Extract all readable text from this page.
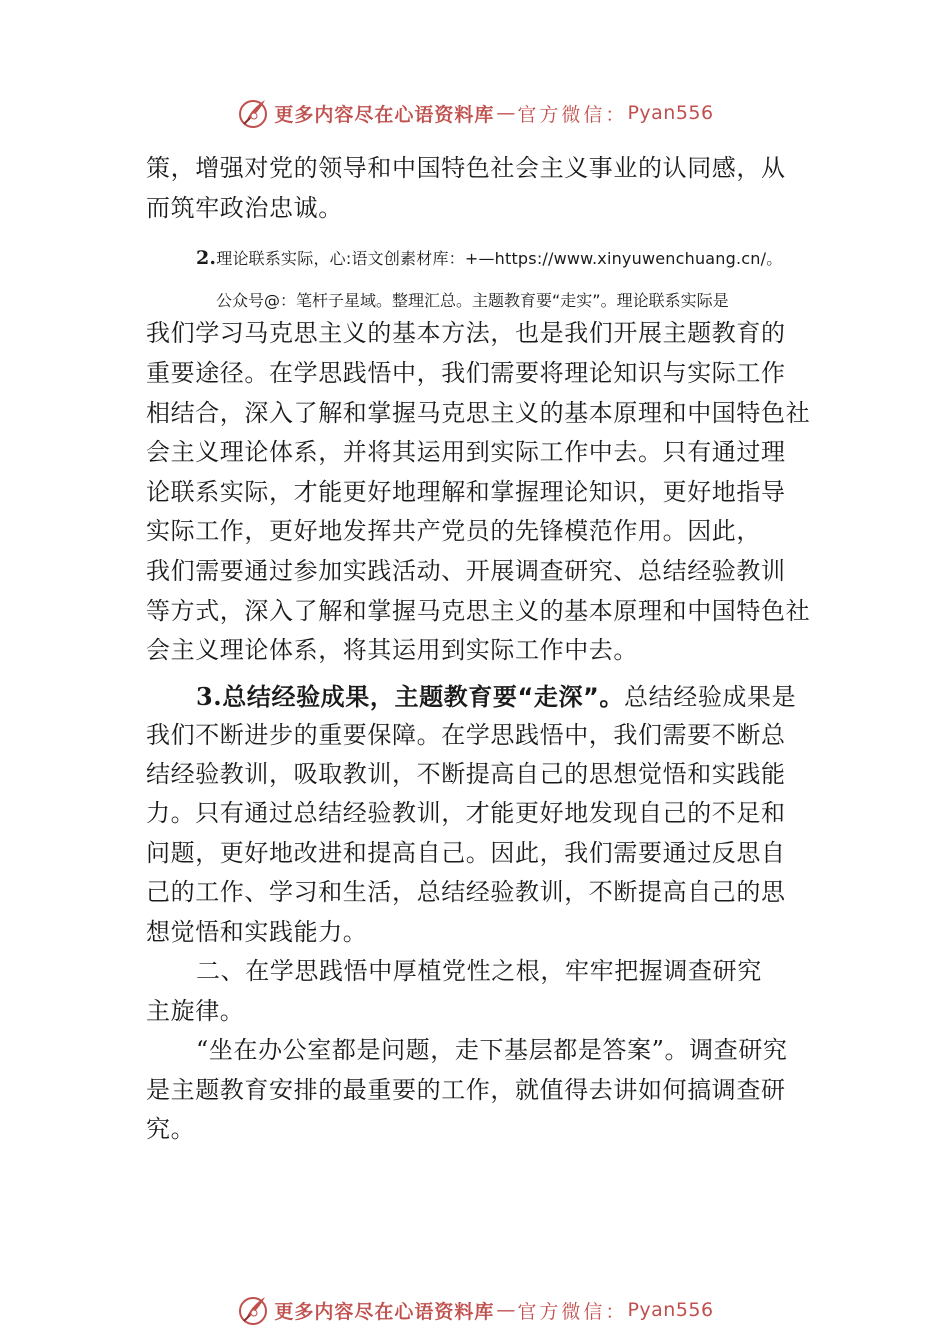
更多内容尽在心语资料库 — 官方微信： Pyan556
策，增强对党的领导和中国特色社会主义事业的认同感，从
而筑牢政治忠诚。
2.理论联系实际，心:语文创素材库：+—https://www.xinyuwenchuang.cn/。
公众号@：笔杆子星域。整理汇总。主题教育要“走实”。理论联系实际是
我们学习马克思主义的基本方法，也是我们开展主题教育的
重要途径。在学思践悟中，我们需要将理论知识与实际工作
相结合，深入了解和掌握马克思主义的基本原理和中国特色社
会主义理论体系，并将其运用到实际工作中去。只有通过理
论联系实际，才能更好地理解和掌握理论知识，更好地指导
实际工作，更好地发挥共产党员的先锋模范作用。因此，
我们需要通过参加实践活动、开展调查研究、总结经验教训
等方式，深入了解和掌握马克思主义的基本原理和中国特色社
会主义理论体系，将其运用到实际工作中去。
3.总结经验成果，主题教育要“走深”。总结经验成果是
我们不断进步的重要保障。在学思践悟中，我们需要不断总
结经验教训，吸取教训，不断提高自己的思想觉悟和实践能
力。只有通过总结经验教训，才能更好地发现自己的不足和
问题，更好地改进和提高自己。因此，我们需要通过反思自
己的工作、学习和生活，总结经验教训，不断提高自己的思
想觉悟和实践能力。
二、在学思践悟中厚植党性之根，牢牢把握调查研究
主旋律。
“坐在办公室都是问题，走下基层都是答案”。调查研究
是主题教育安排的最重要的工作，就值得去讲如何搞调查研
究。
更多内容尽在心语资料库 — 官方微信： Pyan556
